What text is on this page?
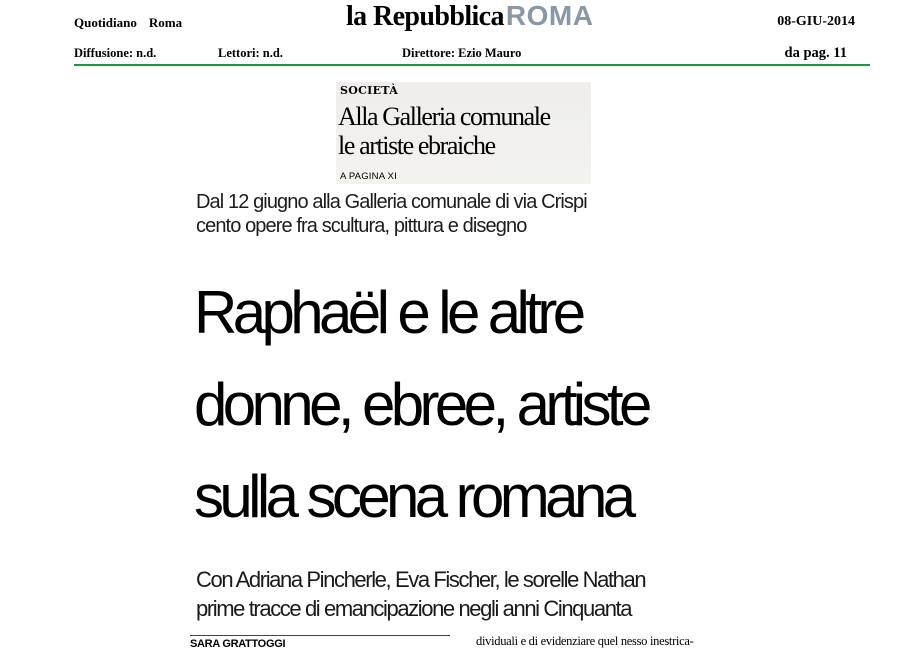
Quotidiano Roma	la Repubblica ROMA	08-GIU-2014
Diffusione: n.d.	Lettori: n.d.	Direttore: Ezio Mauro	da pag. 11
SOCIETÀ
Alla Galleria comunale
le artiste ebraiche
A PAGINA XI
Dal 12 giugno alla Galleria comunale di via Crispi
cento opere fra scultura, pittura e disegno
Raphaël e le altre
donne, ebree, artiste
sulla scena romana
Con Adriana Pincherle, Eva Fischer, le sorelle Nathan
prime tracce di emancipazione negli anni Cinquanta
SARA GRATTOGGI	dividuali e di evidenziare quel nesso inestrica-
